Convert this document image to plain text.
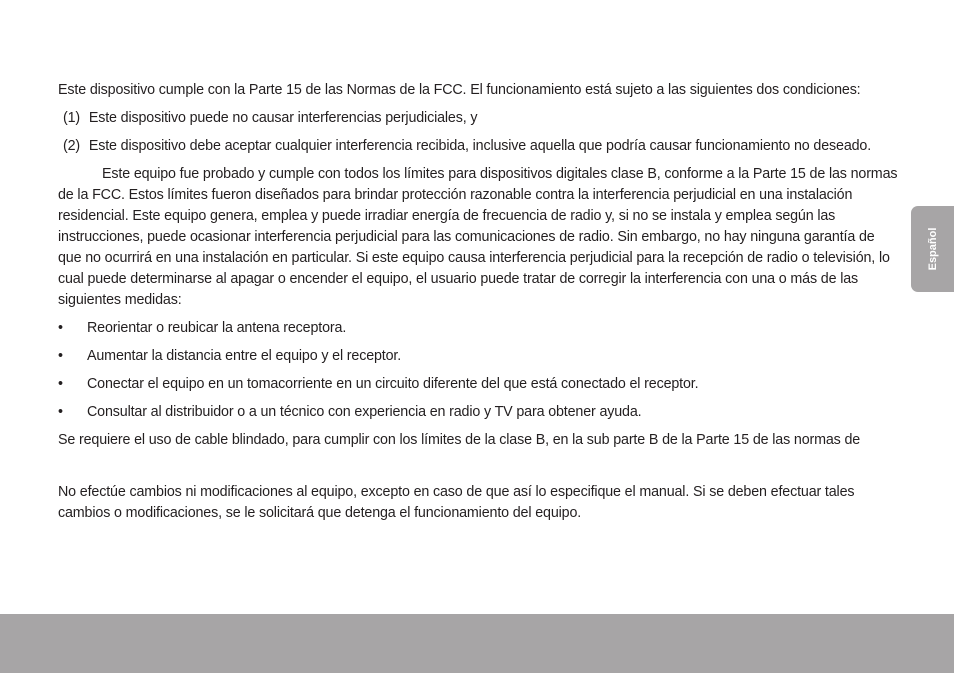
Este dispositivo cumple con la Parte 15 de las Normas de la FCC. El funcionamiento está sujeto a las siguientes dos condiciones:

(1) Este dispositivo puede no causar interferencias perjudiciales, y

(2) Este dispositivo debe aceptar cualquier interferencia recibida, inclusive aquella que podría causar funcionamiento no deseado.

Este equipo fue probado y cumple con todos los límites para dispositivos digitales clase B, conforme a la Parte 15 de las normas de la FCC. Estos límites fueron diseñados para brindar protección razonable contra la interferencia perjudicial en una instalación residencial. Este equipo genera, emplea y puede irradiar energía de frecuencia de radio y, si no se instala y emplea según las instrucciones, puede ocasionar interferencia perjudicial para las comunicaciones de radio. Sin embargo, no hay ninguna garantía de que no ocurrirá en una instalación en particular. Si este equipo causa interferencia perjudicial para la recepción de radio o televisión, lo cual puede determinarse al apagar o encender el equipo, el usuario puede tratar de corregir la interferencia con una o más de las siguientes medidas:

• Reorientar o reubicar la antena receptora.
• Aumentar la distancia entre el equipo y el receptor.
• Conectar el equipo en un tomacorriente en un circuito diferente del que está conectado el receptor.
• Consultar al distribuidor o a un técnico con experiencia en radio y TV para obtener ayuda.

Se requiere el uso de cable blindado, para cumplir con los límites de la clase B, en la sub parte B de la Parte 15 de las normas de

No efectúe cambios ni modificaciones al equipo, excepto en caso de que así lo especifique el manual. Si se deben efectuar tales cambios o modificaciones, se le solicitará que detenga el funcionamiento del equipo.

Español
